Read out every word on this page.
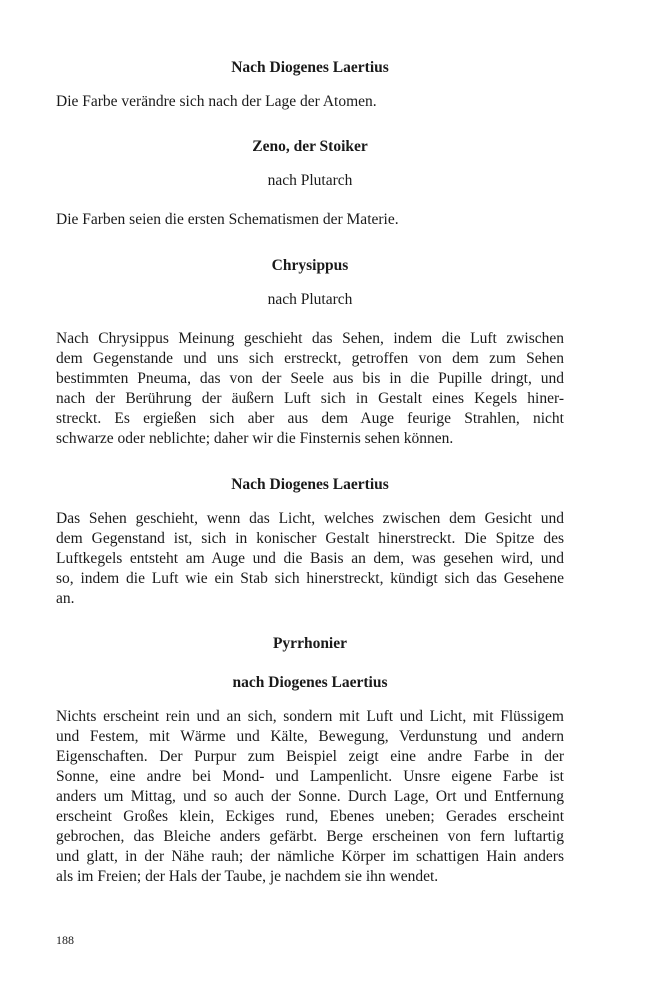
Nach Diogenes Laertius
Die Farbe verändre sich nach der Lage der Atomen.
Zeno, der Stoiker
nach Plutarch
Die Farben seien die ersten Schematismen der Materie.
Chrysippus
nach Plutarch
Nach Chrysippus Meinung geschieht das Sehen, indem die Luft zwischen
dem Gegenstande und uns sich erstreckt, getroffen von dem zum Sehen
bestimmten Pneuma, das von der Seele aus bis in die Pupille dringt, und
nach der Berührung der äußern Luft sich in Gestalt eines Kegels hiner-
streckt. Es ergießen sich aber aus dem Auge feurige Strahlen, nicht
schwarze oder neblichte; daher wir die Finsternis sehen können.
Nach Diogenes Laertius
Das Sehen geschieht, wenn das Licht, welches zwischen dem Gesicht und
dem Gegenstand ist, sich in konischer Gestalt hinerstreckt. Die Spitze des
Luftkegels entsteht am Auge und die Basis an dem, was gesehen wird, und
so, indem die Luft wie ein Stab sich hinerstreckt, kündigt sich das Gesehene
an.
Pyrrhonier
nach Diogenes Laertius
Nichts erscheint rein und an sich, sondern mit Luft und Licht, mit Flüssigem
und Festem, mit Wärme und Kälte, Bewegung, Verdunstung und andern
Eigenschaften. Der Purpur zum Beispiel zeigt eine andre Farbe in der
Sonne, eine andre bei Mond- und Lampenlicht. Unsre eigene Farbe ist
anders um Mittag, und so auch der Sonne. Durch Lage, Ort und Entfernung
erscheint Großes klein, Eckiges rund, Ebenes uneben; Gerades erscheint
gebrochen, das Bleiche anders gefärbt. Berge erscheinen von fern luftartig
und glatt, in der Nähe rauh; der nämliche Körper im schattigen Hain anders
als im Freien; der Hals der Taube, je nachdem sie ihn wendet.
188
